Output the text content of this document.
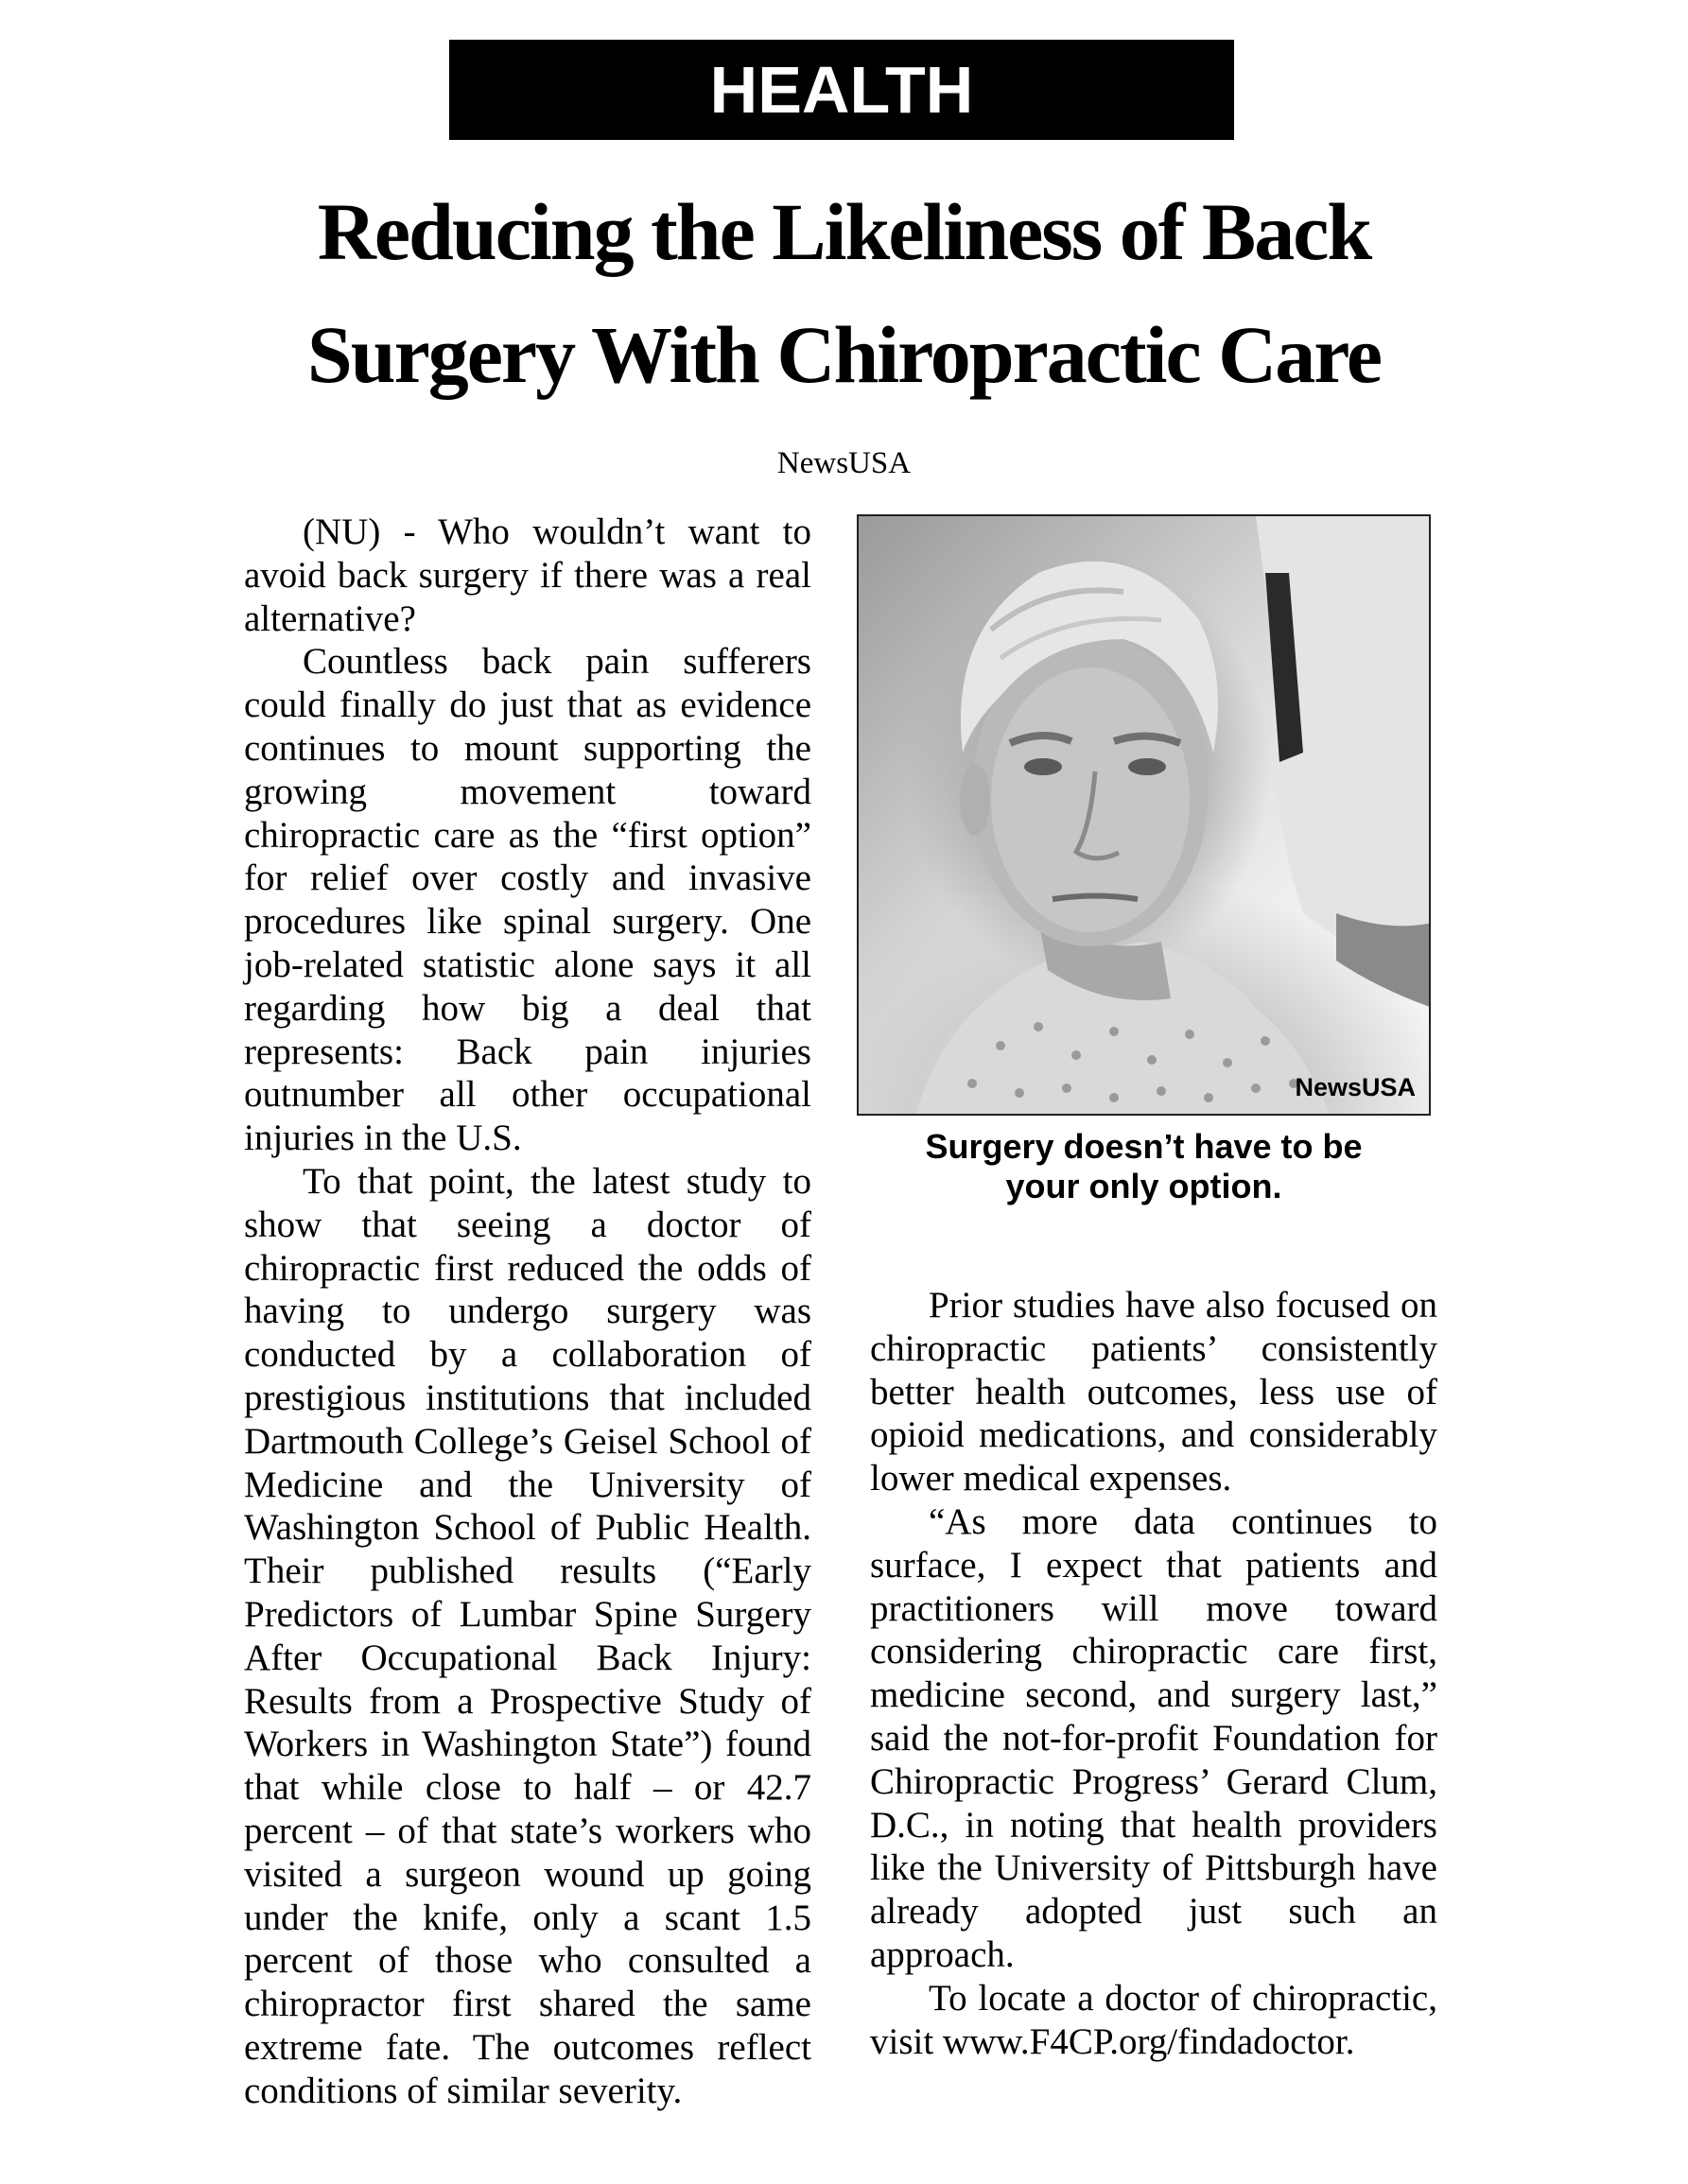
HEALTH
Reducing the Likeliness of Back
Surgery With Chiropractic Care
NewsUSA

(NU) - Who wouldn’t want to avoid back surgery if there was a real alternative?

Countless back pain sufferers could finally do just that as evidence continues to mount supporting the growing movement toward chiropractic care as the “first option” for relief over costly and invasive procedures like spinal surgery. One job-related statistic alone says it all regarding how big a deal that represents: Back pain injuries outnumber all other occupational injuries in the U.S.

To that point, the latest study to show that seeing a doctor of chiropractic first reduced the odds of having to undergo surgery was conducted by a collaboration of prestigious institutions that included Dartmouth College’s Geisel School of Medicine and the University of Washington School of Public Health. Their published results (“Early Predictors of Lumbar Spine Surgery After Occupational Back Injury: Results from a Prospective Study of Workers in Washington State”) found that while close to half – or 42.7 percent – of that state’s workers who visited a surgeon wound up going under the knife, only a scant 1.5 percent of those who consulted a chiropractor first shared the same extreme fate. The outcomes reflect conditions of similar severity.

NewsUSA
Surgery doesn’t have to be
your only option.

Prior studies have also focused on chiropractic patients’ consistently better health outcomes, less use of opioid medications, and considerably lower medical expenses.

“As more data continues to surface, I expect that patients and practitioners will move toward considering chiropractic care first, medicine second, and surgery last,” said the not-for-profit Foundation for Chiropractic Progress’ Gerard Clum, D.C., in noting that health providers like the University of Pittsburgh have already adopted just such an approach.

To locate a doctor of chiropractic, visit www.F4CP.org/findadoctor.
